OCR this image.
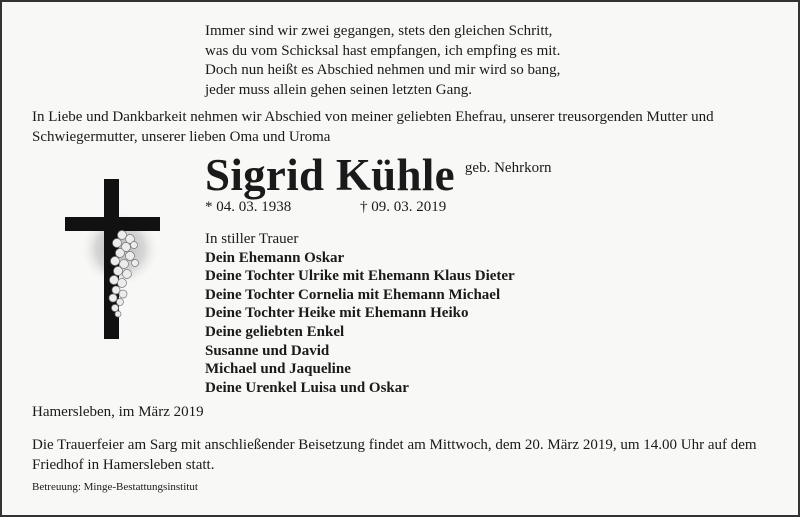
Immer sind wir zwei gegangen, stets den gleichen Schritt,
was du vom Schicksal hast empfangen, ich empfing es mit.
Doch nun heißt es Abschied nehmen und mir wird so bang,
jeder muss allein gehen seinen letzten Gang.
In Liebe und Dankbarkeit nehmen wir Abschied von meiner geliebten Ehefrau, unserer treusorgenden Mutter und Schwiegermutter, unserer lieben Oma und Uroma
Sigrid Kühle geb. Nehrkorn
* 04. 03. 1938	† 09. 03. 2019
In stiller Trauer
Dein Ehemann Oskar
Deine Tochter Ulrike mit Ehemann Klaus Dieter
Deine Tochter Cornelia mit Ehemann Michael
Deine Tochter Heike mit Ehemann Heiko
Deine geliebten Enkel
Susanne und David
Michael und Jaqueline
Deine Urenkel Luisa und Oskar
Hamersleben, im März 2019
Die Trauerfeier am Sarg mit anschließender Beisetzung findet am Mittwoch, dem 20. März 2019, um 14.00 Uhr auf dem Friedhof in Hamersleben statt.
Betreuung: Minge-Bestattungsinstitut
